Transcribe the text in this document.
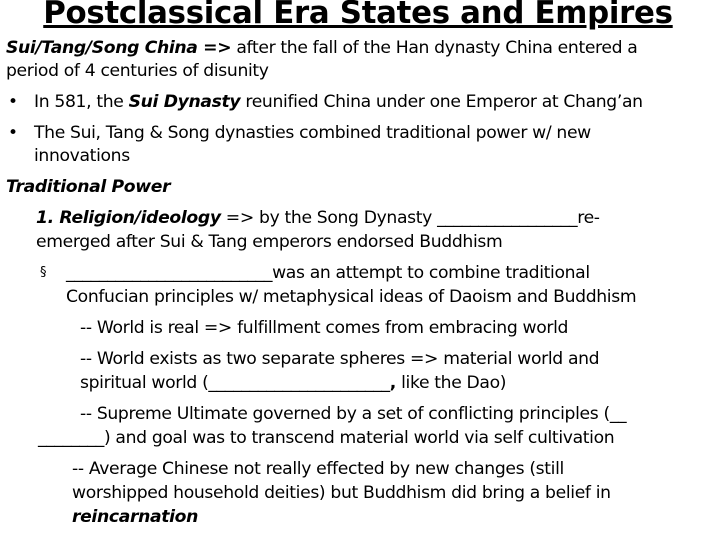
Postclassical Era States and Empires
Sui/Tang/Song China => after the fall of the Han dynasty China entered a
period of 4 centuries of disunity
• In 581, the Sui Dynasty reunified China under one Emperor at Chang’an
• The Sui, Tang & Song dynasties combined traditional power w/ new
innovations
Traditional Power
1. Religion/ideology => by the Song Dynasty _________________re-
emerged after Sui & Tang emperors endorsed Buddhism
§ _________________________was an attempt to combine traditional
Confucian principles w/ metaphysical ideas of Daoism and Buddhism
-- World is real => fulfillment comes from embracing world
-- World exists as two separate spheres => material world and
spiritual world (______________________, like the Dao)
-- Supreme Ultimate governed by a set of conflicting principles (__
________) and goal was to transcend material world via self cultivation
-- Average Chinese not really effected by new changes (still
worshipped household deities) but Buddhism did bring a belief in
reincarnation
